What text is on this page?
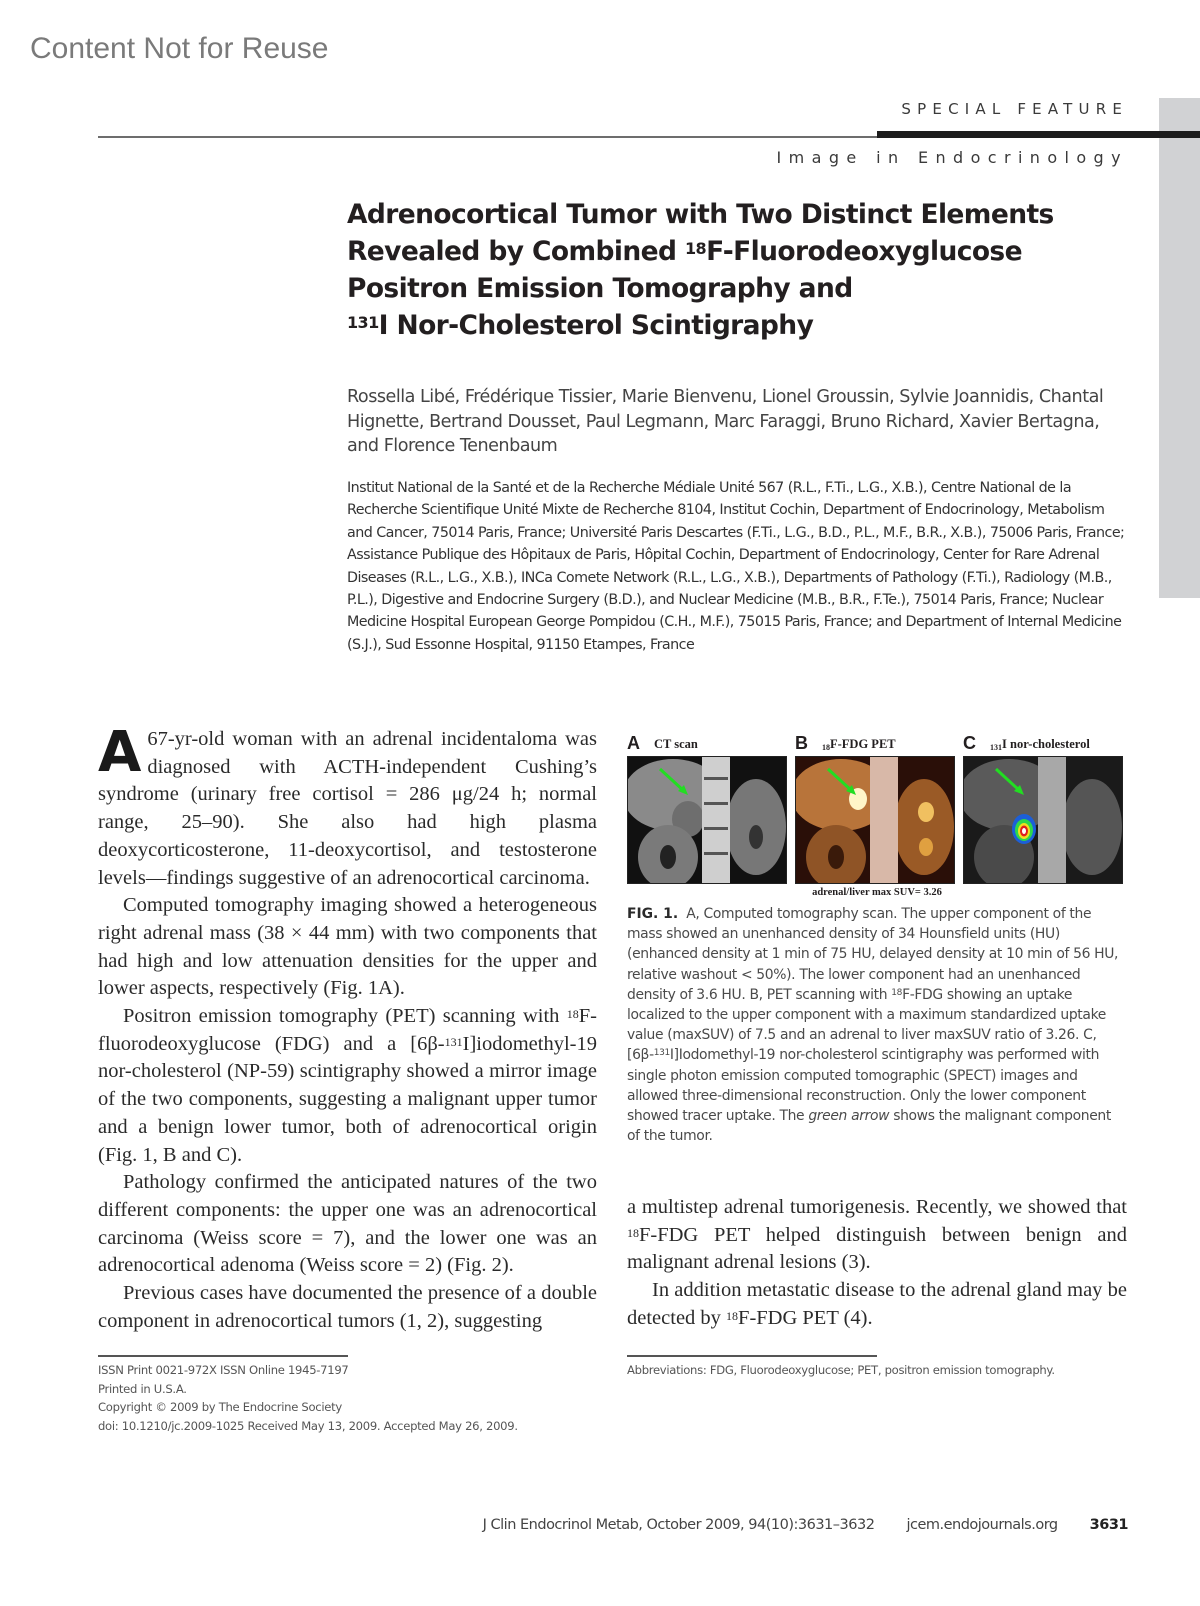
Content Not for Reuse
SPECIAL FEATURE
Image in Endocrinology
Adrenocortical Tumor with Two Distinct Elements
Revealed by Combined $^{18}$F-Fluorodeoxyglucose
Positron Emission Tomography and
$^{131}$I Nor-Cholesterol Scintigraphy
Rossella Libé, Frédérique Tissier, Marie Bienvenu, Lionel Groussin, Sylvie Joannidis, Chantal Hignette, Bertrand Dousset, Paul Legmann, Marc Faraggi, Bruno Richard, Xavier Bertagna, and Florence Tenenbaum
Institut National de la Santé et de la Recherche Médiale Unité 567 (R.L., F.Ti., L.G., X.B.), Centre National de la Recherche Scientifique Unité Mixte de Recherche 8104, Institut Cochin, Department of Endocrinology, Metabolism and Cancer, 75014 Paris, France; Université Paris Descartes (F.Ti., L.G., B.D., P.L., M.F., B.R., X.B.), 75006 Paris, France; Assistance Publique des Hôpitaux de Paris, Hôpital Cochin, Department of Endocrinology, Center for Rare Adrenal Diseases (R.L., L.G., X.B.), INCa Comete Network (R.L., L.G., X.B.), Departments of Pathology (F.Ti.), Radiology (M.B., P.L.), Digestive and Endocrine Surgery (B.D.), and Nuclear Medicine (M.B., B.R., F.Te.), 75014 Paris, France; Nuclear Medicine Hospital European George Pompidou (C.H., M.F.), 75015 Paris, France; and Department of Internal Medicine (S.J.), Sud Essonne Hospital, 91150 Etampes, France

A 67-yr-old woman with an adrenal incidentaloma was diagnosed with ACTH-independent Cushing’s syndrome (urinary free cortisol = 286 μg/24 h; normal range, 25–90). She also had high plasma deoxycorticosterone, 11-deoxycortisol, and testosterone levels—findings suggestive of an adrenocortical carcinoma.

Computed tomography imaging showed a heterogeneous right adrenal mass (38 × 44 mm) with two components that had high and low attenuation densities for the upper and lower aspects, respectively (Fig. 1A).

Positron emission tomography (PET) scanning with $^{18}$F-fluorodeoxyglucose (FDG) and a [6β-$^{131}$I]iodomethyl-19 nor-cholesterol (NP-59) scintigraphy showed a mirror image of the two components, suggesting a malignant upper tumor and a benign lower tumor, both of adrenocortical origin (Fig. 1, B and C).

Pathology confirmed the anticipated natures of the two different components: the upper one was an adrenocortical carcinoma (Weiss score = 7), and the lower one was an adrenocortical adenoma (Weiss score = 2) (Fig. 2).

Previous cases have documented the presence of a double component in adrenocortical tumors (1, 2), suggesting

A CT scan	B $_{18}$ F-FDG PET	C $_{131}$ I nor-cholesterol
adrenal/liver max SUV= 3.26
FIG. 1. A, Computed tomography scan. The upper component of the mass showed an unenhanced density of 34 Hounsfield units (HU) (enhanced density at 1 min of 75 HU, delayed density at 10 min of 56 HU, relative washout < 50%). The lower component had an unenhanced density of 3.6 HU. B, PET scanning with $^{18}$F-FDG showing an uptake localized to the upper component with a maximum standardized uptake value (maxSUV) of 7.5 and an adrenal to liver maxSUV ratio of 3.26. C, [6β-$^{131}$I]Iodomethyl-19 nor-cholesterol scintigraphy was performed with single photon emission computed tomographic (SPECT) images and allowed three-dimensional reconstruction. Only the lower component showed tracer uptake. The green arrow shows the malignant component of the tumor.

a multistep adrenal tumorigenesis. Recently, we showed that $^{18}$F-FDG PET helped distinguish between benign and malignant adrenal lesions (3).

In addition metastatic disease to the adrenal gland may be detected by $^{18}$F-FDG PET (4).

ISSN Print 0021-972X ISSN Online 1945-7197
Printed in U.S.A.
Copyright © 2009 by The Endocrine Society
doi: 10.1210/jc.2009-1025 Received May 13, 2009. Accepted May 26, 2009.
Abbreviations: FDG, Fluorodeoxyglucose; PET, positron emission tomography.
J Clin Endocrinol Metab, October 2009, 94(10):3631–3632 jcem.endojournals.org 3631
